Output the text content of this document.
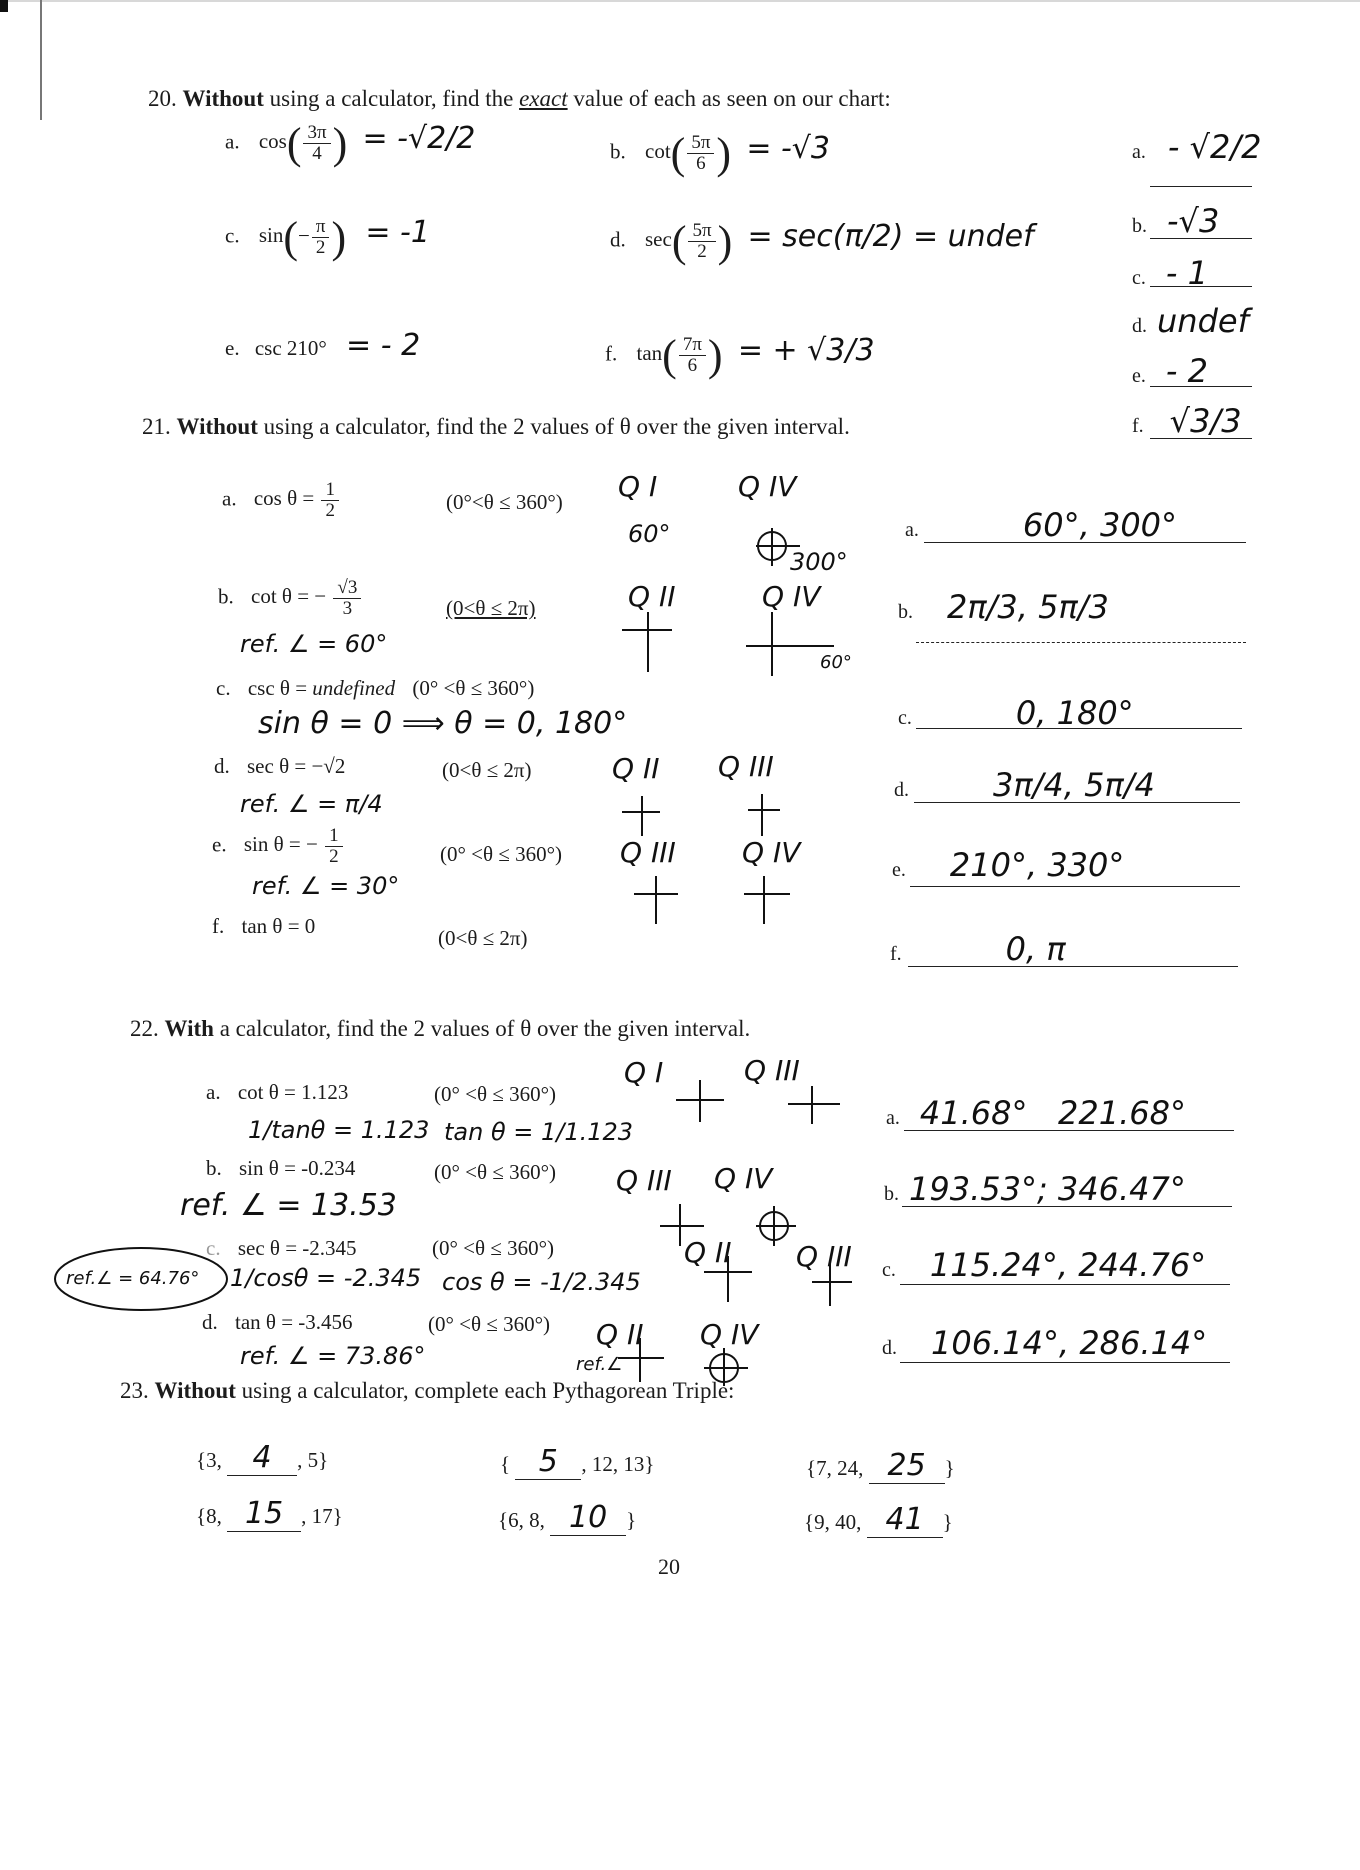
20. Without using a calculator, find the exact value of each as seen on our chart:
a. $\cos( \frac{3\pi}{4}$ ) = -√2/2	b. $\cot( \frac{5\pi}{6}$ ) = -√3
c. $\sin(- \frac{\pi}{2}$ ) = -1	d. $\sec( \frac{5\pi}{2}$ ) = sec(π/2) = undef
e. csc 210° = - 2	f. $\tan( \frac{7\pi}{6}$ ) = + √3/3
a. - √2/2
b. -√3
c. - 1
d. undef
e. - 2
f. √3/3
21. Without using a calculator, find the 2 values of θ over the given interval.
a. $\cos \theta = \frac{1}{2}$	(0°<θ ≤ 360°) Q I
60°
Q IV
300°
a.	60°, 300°
b. cot θ = − $\frac{√3}{3}$	(0<θ ≤ 2π)
ref. ∠ = 60°
Q II	Q IV
60°
b. 2π/3, 5π/3
c. csc θ = undefined (0° <θ ≤ 360°)
sin θ = 0 ⟹ θ = 0, 180°	c.	0, 180°
d. sec θ = −√2	(0<θ ≤ 2π)
ref. ∠ = π/4
Q II Q III
d.	3π/4, 5π/4
e. sin θ = − $\frac{1}{2}$	(0° <θ ≤ 360°)
ref. ∠ = 30°
Q III Q IV
e. 210°, 330°
f. tan θ = 0	(0<θ ≤ 2π)
f.	0, π
22. With a calculator, find the 2 values of θ over the given interval.
a. cot θ = 1.123	(0° <θ ≤ 360°)
1/tanθ = 1.123 tan θ = 1/1.123
Q I	Q III
a. 41.68°   221.68°
b. sin θ = -0.234	(0° <θ ≤ 360°)
ref. ∠ = 13.53
Q III Q IV	b. 193.53°; 346.47°
ref.∠ = 64.76°
c. sec θ = -2.345	(0° <θ ≤ 360°)
1/cosθ = -2.345 cos θ = -1/2.345
Q II Q III c. 115.24°, 244.76°
d. tan θ = -3.456	(0° <θ ≤ 360°)
ref. ∠ = 73.86°
Q II Q IV
ref.∠
d. 106.14°, 286.14°
23. Without using a calculator, complete each Pythagorean Triple:
{3, 4 , 5}	{ 5 , 12, 13}	{7, 24, 25 }
{8, 15 , 17}	{6, 8, 10 }	{9, 40, 41 }
20
